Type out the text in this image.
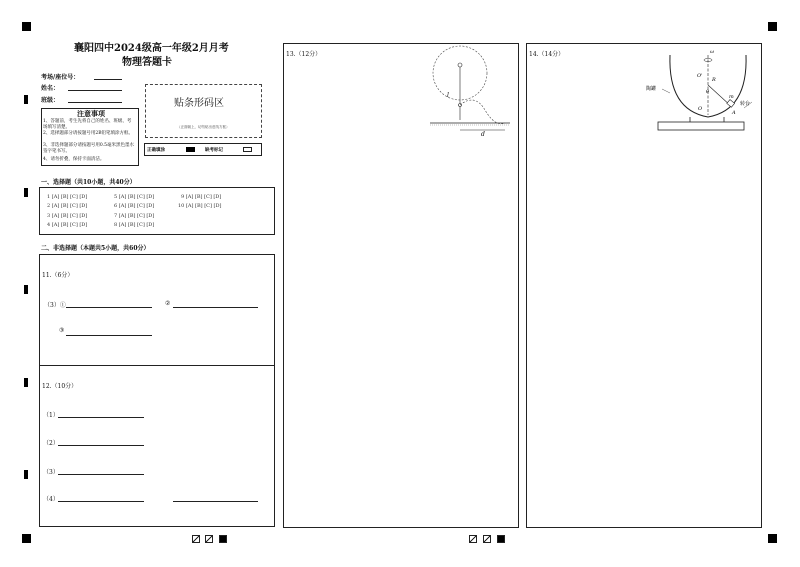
襄阳四中2024级高一年级2月月考
物理答题卡
考场/座位号：
姓名：
班级：	贴条形码区
（正面朝上，切勿贴出虚线方框）
注意事项
1、答题前，考生先将自己的姓名、班级、考场填写清楚。
2、选择题部分请按题号用2B铅笔填涂方框。
3、非选择题部分请按题号用0.5毫米黑色墨水签字笔书写。
4、请勿折叠，保持卡面清洁。
正确填涂	缺考标记
一、选择题（共10小题，共40分）
1 [A] [B] [C] [D]	5 [A] [B] [C] [D]	9 [A] [B] [C] [D]
2 [A] [B] [C] [D]	6 [A] [B] [C] [D]	10 [A] [B] [C] [D]
3 [A] [B] [C] [D]	7 [A] [B] [C] [D]
4 [A] [B] [C] [D]	8 [A] [B] [C] [D]
二、非选择题（本题共5小题，共60分）
11.（6分）
（3）①	②
③
12.（10分）
（1）
（2）
（3）
（4）
13.（12分）
d
l
14.（14分）	ω
O'
O
R
θ
m
A
陶罐
转台
